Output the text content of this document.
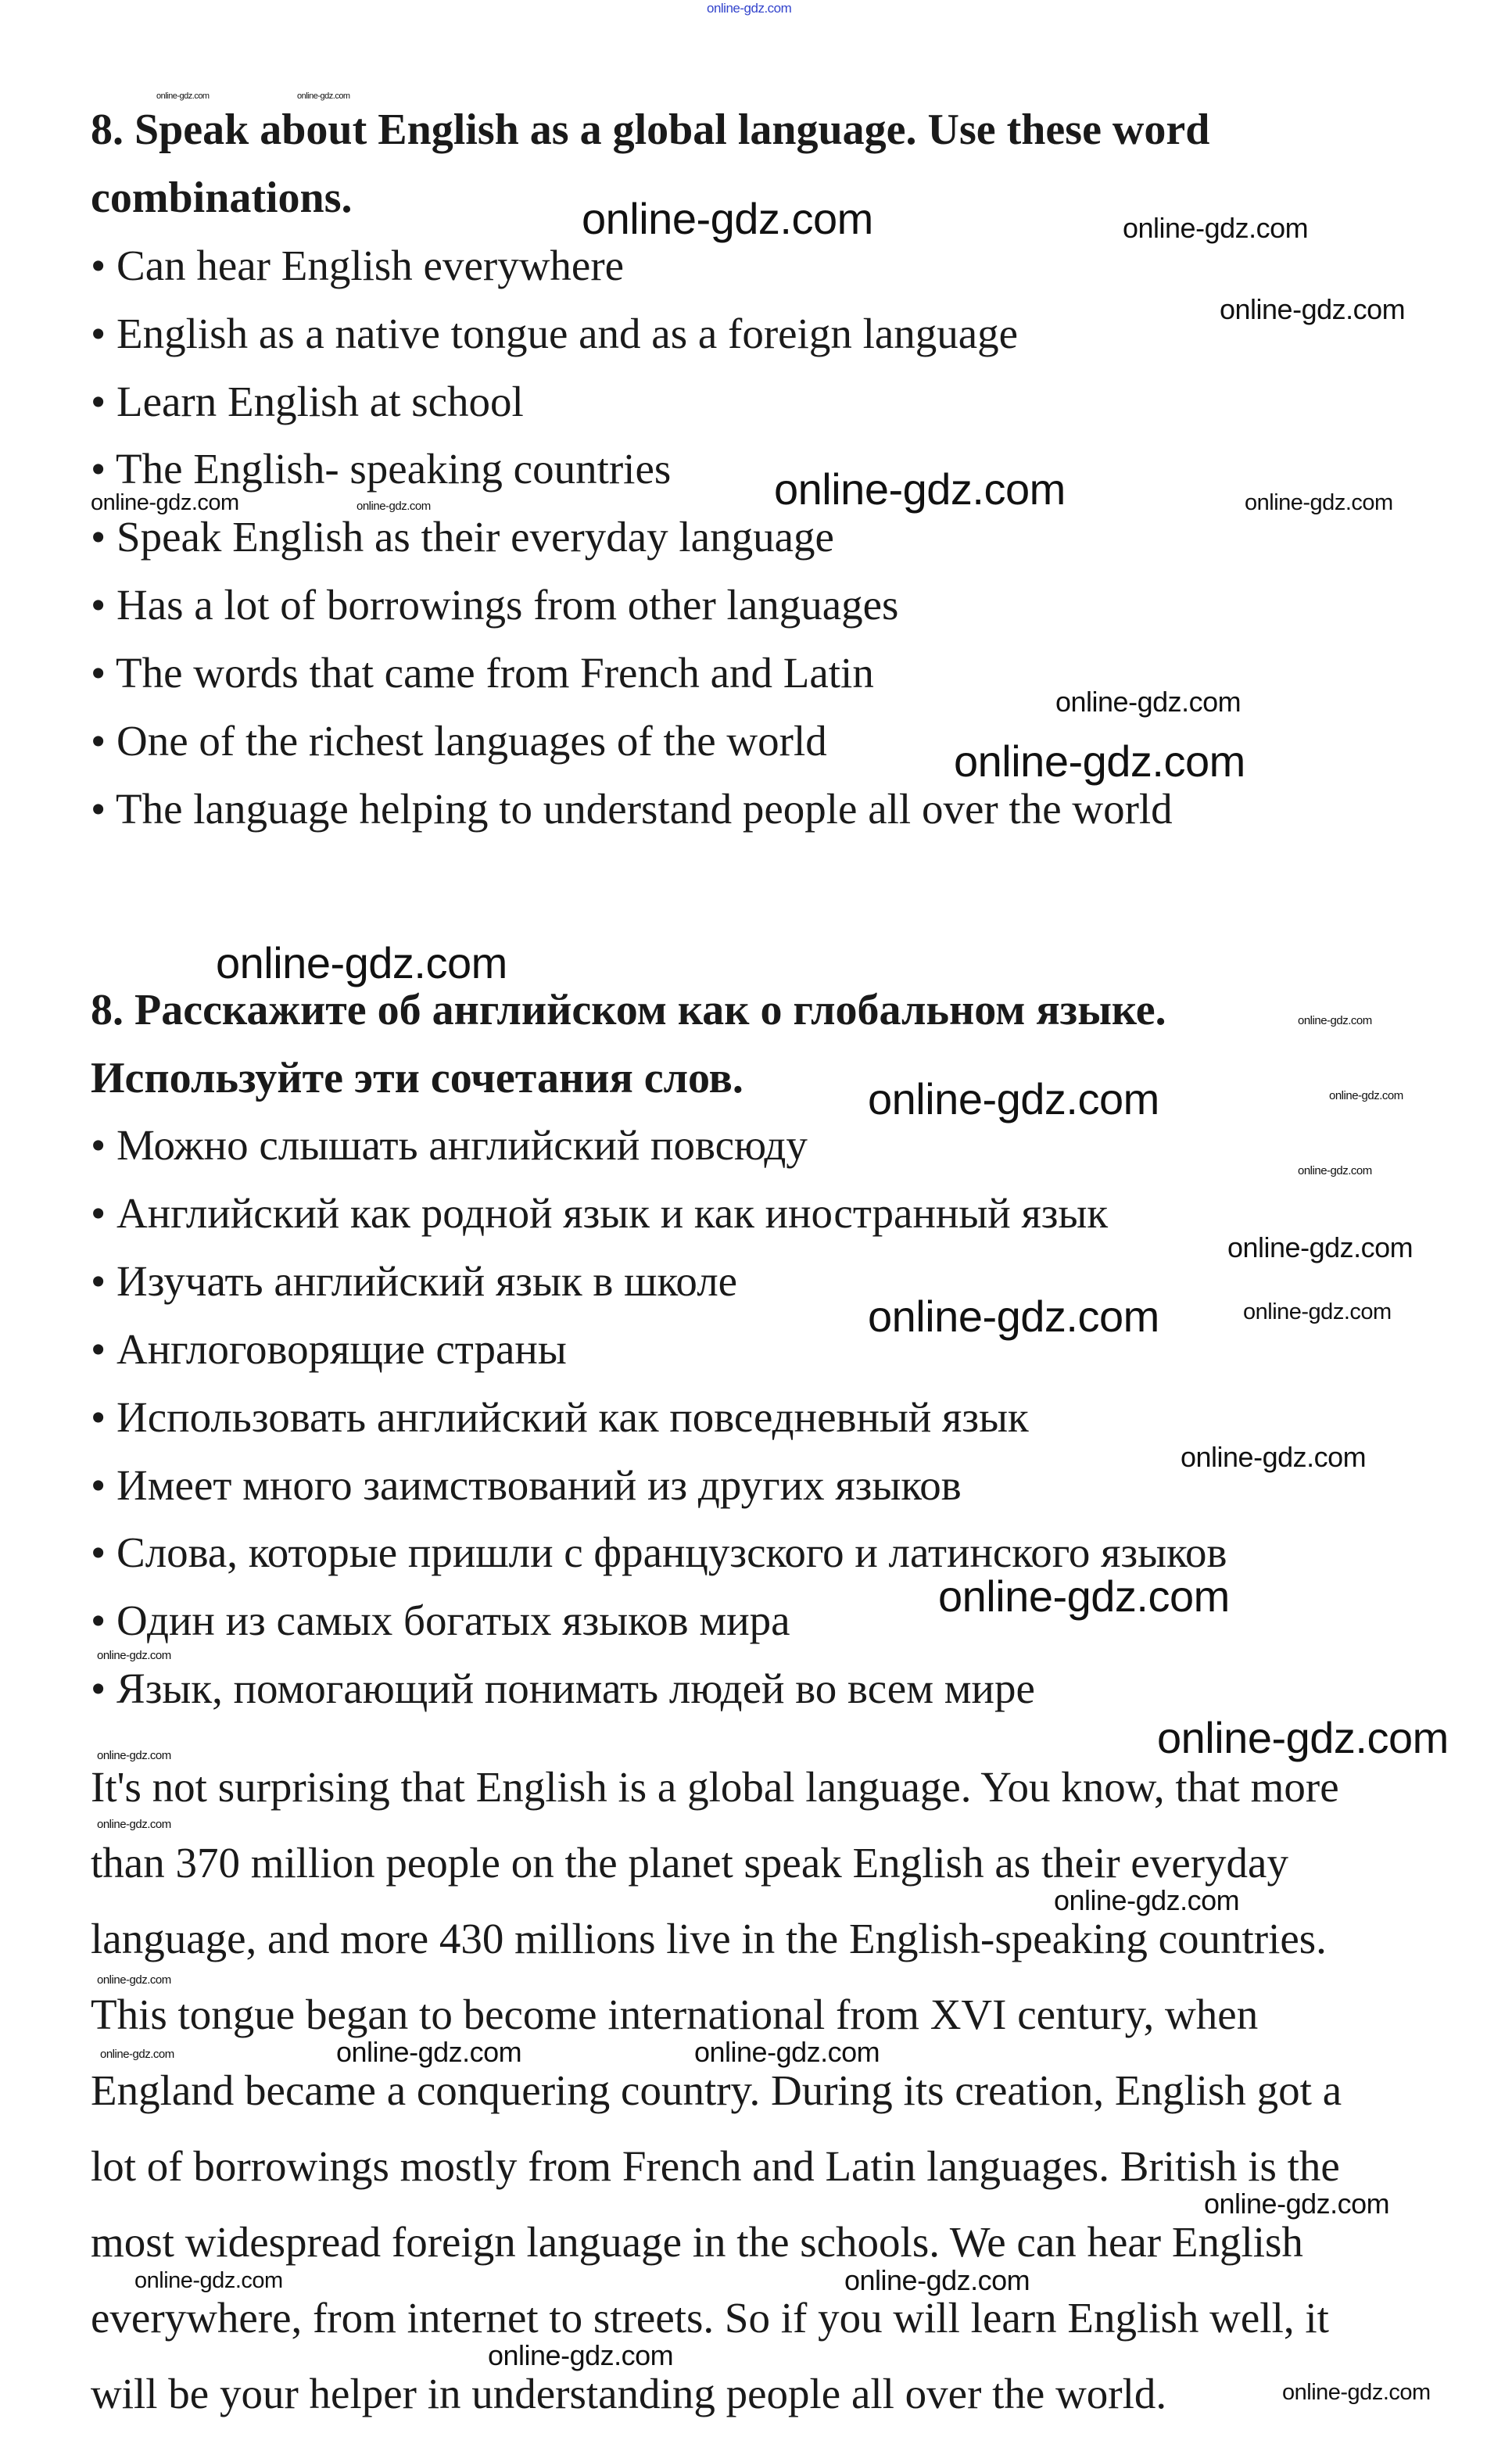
8. Speak about English as a global language. Use these word
combinations.
• Can hear English everywhere
• English as a native tongue and as a foreign language
• Learn English at school
• The English- speaking countries
• Speak English as their everyday language
• Has a lot of borrowings from other languages
• The words that came from French and Latin
• One of the richest languages of the world
• The language helping to understand people all over the world
8. Расскажите об английском как о глобальном языке.
Используйте эти сочетания слов.
• Можно слышать английский повсюду
• Английский как родной язык и как иностранный язык
• Изучать английский язык в школе
• Англоговорящие страны
• Использовать английский как повседневный язык
• Имеет много заимствований из других языков
• Слова, которые пришли с французского и латинского языков
• Один из самых богатых языков мира
• Язык, помогающий понимать людей во всем мире
It's not surprising that English is a global language. You know, that more
than 370 million people on the planet speak English as their everyday
language, and more 430 millions live in the English-speaking countries.
This tongue began to become international from XVI century, when
England became a conquering country. During its creation, English got a
lot of borrowings mostly from French and Latin languages. British is the
most widespread foreign language in the schools. We can hear English
everywhere, from internet to streets. So if you will learn English well, it
will be your helper in understanding people all over the world.
online-gdz.com
online-gdz.com	online-gdz.com
online-gdz.com	online-gdz.com
online-gdz.com
online-gdz.com
online-gdz.com	online-gdz.com	online-gdz.com
online-gdz.com
online-gdz.com
online-gdz.com
online-gdz.com
online-gdz.com	online-gdz.com
online-gdz.com
online-gdz.com
online-gdz.com	online-gdz.com
online-gdz.com
online-gdz.com
online-gdz.com
online-gdz.com
online-gdz.com
online-gdz.com
online-gdz.com
online-gdz.com
online-gdz.com	online-gdz.com	online-gdz.com
online-gdz.com
online-gdz.com	online-gdz.com
online-gdz.com
online-gdz.com
